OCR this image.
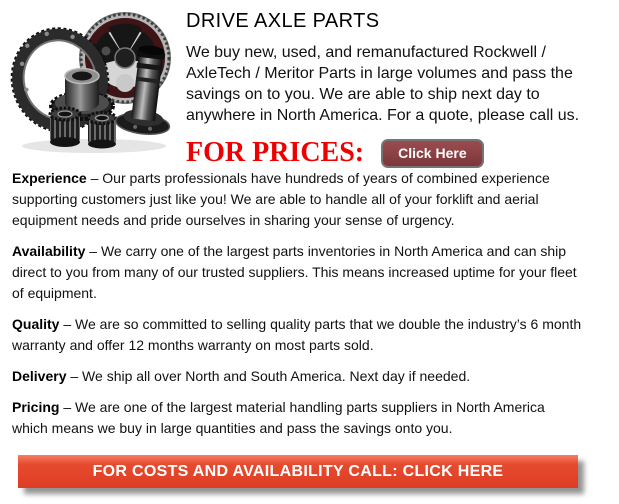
DRIVE AXLE PARTS
We buy new, used, and remanufactured Rockwell / AxleTech / Meritor Parts in large volumes and pass the savings on to you. We are able to ship next day to anywhere in North America. For a quote, please call us.
FOR PRICES:	Click Here

Experience – Our parts professionals have hundreds of years of combined experience supporting customers just like you! We are able to handle all of your forklift and aerial equipment needs and pride ourselves in sharing your sense of urgency.

Availability – We carry one of the largest parts inventories in North America and can ship direct to you from many of our trusted suppliers. This means increased uptime for your fleet of equipment.

Quality – We are so committed to selling quality parts that we double the industry’s 6 month warranty and offer 12 months warranty on most parts sold.

Delivery – We ship all over North and South America. Next day if needed.

Pricing – We are one of the largest material handling parts suppliers in North America which means we buy in large quantities and pass the savings onto you.

FOR COSTS AND AVAILABILITY CALL: CLICK HERE
